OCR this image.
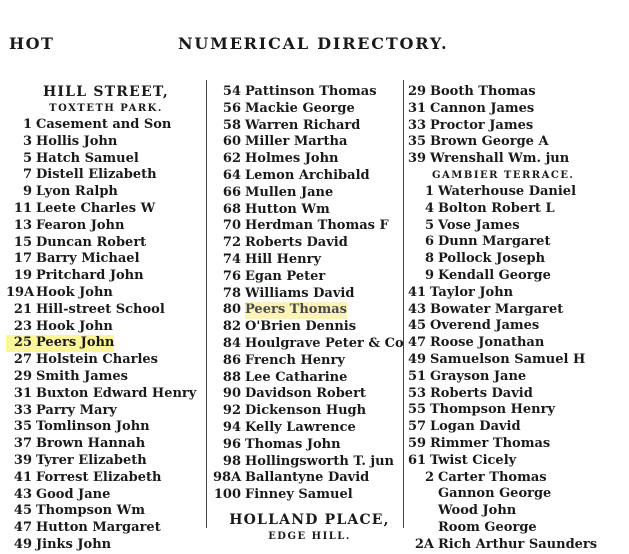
HOT	NUMERICAL DIRECTORY.
HILL STREET,
TOXTETH PARK.
1 Casement and Son
3 Hollis John
5 Hatch Samuel
7 Distell Elizabeth
9 Lyon Ralph
11 Leete Charles W
13 Fearon John
15 Duncan Robert
17 Barry Michael
19 Pritchard John
19A Hook John
21 Hill-street School
23 Hook John
25 Peers John
27 Holstein Charles
29 Smith James
31 Buxton Edward Henry
33 Parry Mary
35 Tomlinson John
37 Brown Hannah
39 Tyrer Elizabeth
41 Forrest Elizabeth
43 Good Jane
45 Thompson Wm
47 Hutton Margaret
49 Jinks John
54 Pattinson Thomas
56 Mackie George
58 Warren Richard
60 Miller Martha
62 Holmes John
64 Lemon Archibald
66 Mullen Jane
68 Hutton Wm
70 Herdman Thomas F
72 Roberts David
74 Hill Henry
76 Egan Peter
78 Williams David
80 Peers Thomas
82 O'Brien Dennis
84 Houlgrave Peter & Co
86 French Henry
88 Lee Catharine
90 Davidson Robert
92 Dickenson Hugh
94 Kelly Lawrence
96 Thomas John
98 Hollingsworth T. jun
98A Ballantyne David
100 Finney Samuel
HOLLAND PLACE,
EDGE HILL.
29 Booth Thomas
31 Cannon James
33 Proctor James
35 Brown George A
39 Wrenshall Wm. jun
GAMBIER TERRACE.
1 Waterhouse Daniel
4 Bolton Robert L
5 Vose James
6 Dunn Margaret
8 Pollock Joseph
9 Kendall George
41 Taylor John
43 Bowater Margaret
45 Overend James
47 Roose Jonathan
49 Samuelson Samuel H
51 Grayson Jane
53 Roberts David
55 Thompson Henry
57 Logan David
59 Rimmer Thomas
61 Twist Cicely
2 Carter Thomas
Gannon George
Wood John
Room George
2A Rich Arthur Saunders
